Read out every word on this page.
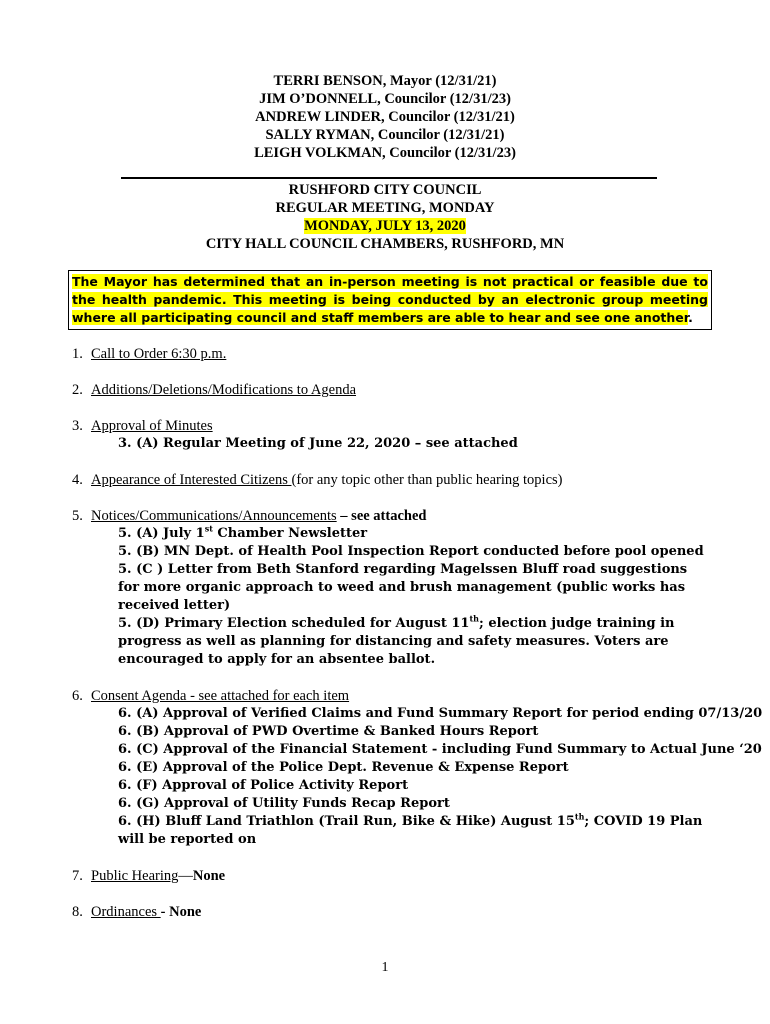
TERRI BENSON, Mayor (12/31/21)
JIM O’DONNELL, Councilor (12/31/23)
ANDREW LINDER, Councilor (12/31/21)
SALLY RYMAN, Councilor (12/31/21)
LEIGH VOLKMAN, Councilor (12/31/23)
RUSHFORD CITY COUNCIL
REGULAR MEETING, MONDAY
MONDAY, JULY 13, 2020
CITY HALL COUNCIL CHAMBERS, RUSHFORD, MN
The Mayor has determined that an in-person meeting is not practical or feasible due to the health pandemic. This meeting is being conducted by an electronic group meeting where all participating council and staff members are able to hear and see one another.
1. Call to Order 6:30 p.m.
2. Additions/Deletions/Modifications to Agenda
3. Approval of Minutes
3. (A) Regular Meeting of June 22, 2020 – see attached
4. Appearance of Interested Citizens (for any topic other than public hearing topics)
5. Notices/Communications/Announcements – see attached
5. (A) July 1st Chamber Newsletter
5. (B) MN Dept. of Health Pool Inspection Report conducted before pool opened
5. (C ) Letter from Beth Stanford regarding Magelssen Bluff road suggestions for more organic approach to weed and brush management (public works has received letter)
5. (D) Primary Election scheduled for August 11th; election judge training in progress as well as planning for distancing and safety measures. Voters are encouraged to apply for an absentee ballot.
6. Consent Agenda - see attached for each item
6. (A) Approval of Verified Claims and Fund Summary Report for period ending 07/13/20
6. (B) Approval of PWD Overtime & Banked Hours Report
6. (C) Approval of the Financial Statement - including Fund Summary to Actual June ‘20
6. (E) Approval of the Police Dept. Revenue & Expense Report
6. (F) Approval of Police Activity Report
6. (G) Approval of Utility Funds Recap Report
6. (H) Bluff Land Triathlon (Trail Run, Bike & Hike) August 15th; COVID 19 Plan will be reported on
7. Public Hearing—None
8. Ordinances - None
1
